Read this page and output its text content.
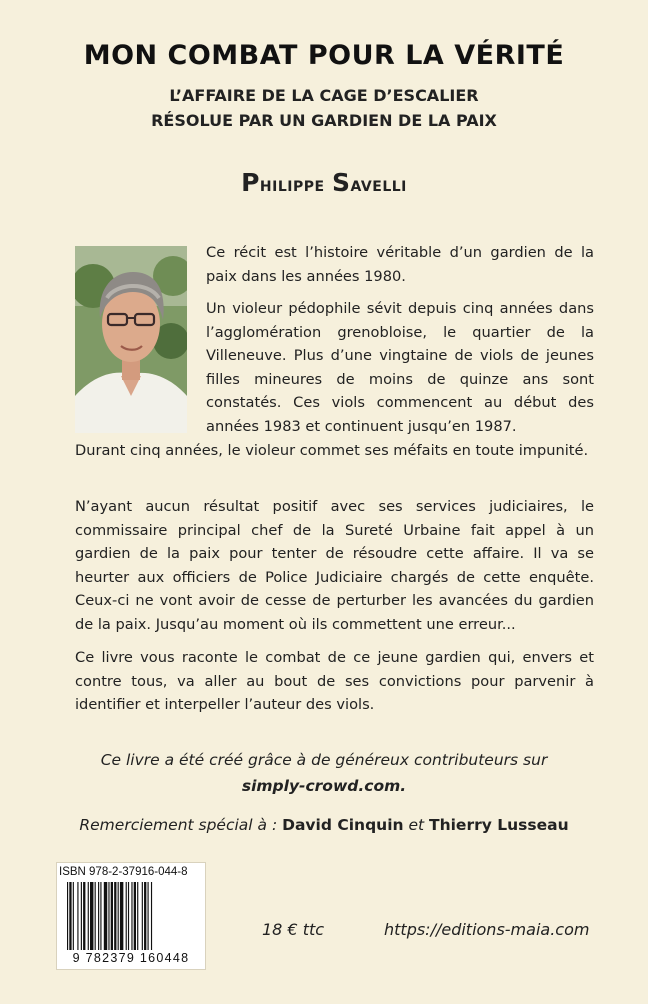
MON COMBAT POUR LA VÉRITÉ
L’AFFAIRE DE LA CAGE D’ESCALIER
RÉSOLUE PAR UN GARDIEN DE LA PAIX
Philippe Savelli

Ce récit est l’histoire véritable d’un gardien de la paix dans les années 1980.

Un violeur pédophile sévit depuis cinq années dans l’agglomération grenobloise, le quartier de la Villeneuve. Plus d’une vingtaine de viols de jeunes filles mineures de moins de quinze ans sont constatés. Ces viols commencent au début des années 1983 et continuent jusqu’en 1987.

Durant cinq années, le violeur commet ses méfaits en toute impunité.

N’ayant aucun résultat positif avec ses services judiciaires, le commissaire principal chef de la Sureté Urbaine fait appel à un gardien de la paix pour tenter de résoudre cette affaire. Il va se heurter aux officiers de Police Judiciaire chargés de cette enquête. Ceux-ci ne vont avoir de cesse de perturber les avancées du gardien de la paix. Jusqu’au moment où ils commettent une erreur...

Ce livre vous raconte le combat de ce jeune gardien qui, envers et contre tous, va aller au bout de ses convictions pour parvenir à identifier et interpeller l’auteur des viols.

Ce livre a été créé grâce à de généreux contributeurs sur
simply-crowd.com.
Remerciement spécial à : David Cinquin et Thierry Lusseau
ISBN 978-2-37916-044-8
9 782379 160448
18 € ttc	https://editions-maia.com
